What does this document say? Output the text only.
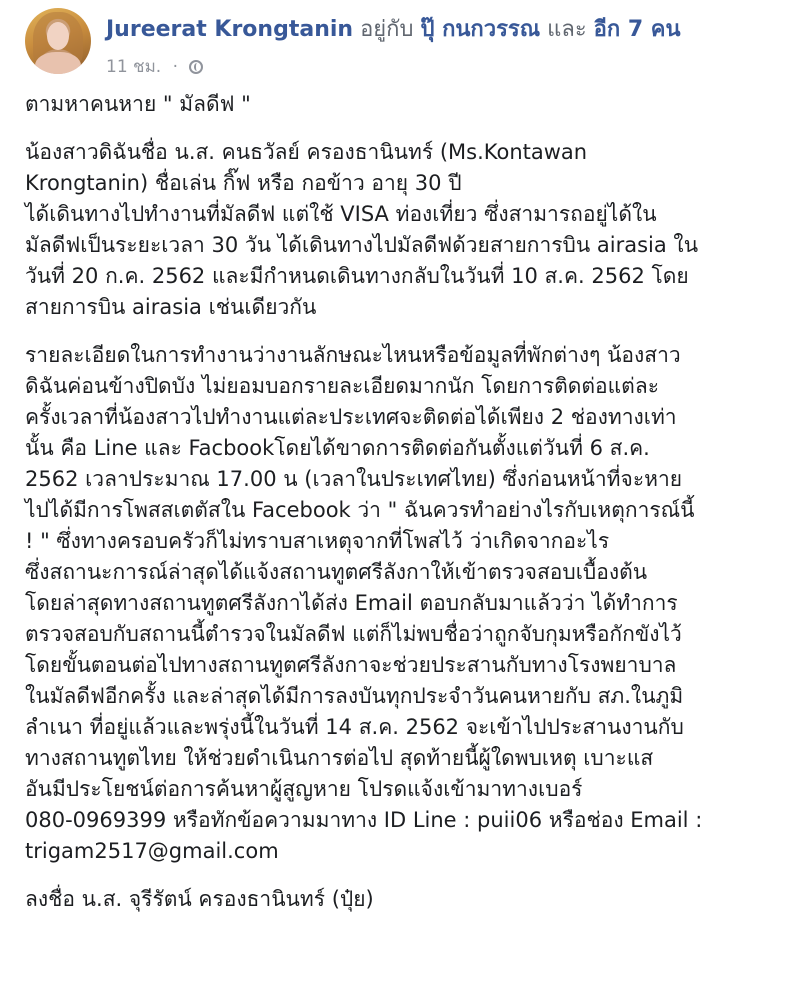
Jureerat Krongtanin อยู่กับ ปุ๊ กนกวรรณ และ อีก 7 คน
11 ชม. ·

ตามหาคนหาย " มัลดีฟ "

น้องสาวดิฉันชื่อ น.ส. คนธวัลย์ ครองธานินทร์ (Ms.Kontawan
Krongtanin) ชื่อเล่น กิ๊ฟ หรือ กอข้าว อายุ 30 ปี
ได้เดินทางไปทำงานที่มัลดีฟ แต่ใช้ VISA ท่องเที่ยว ซึ่งสามารถอยู่ได้ใน
มัลดีฟเป็นระยะเวลา 30 วัน ได้เดินทางไปมัลดีฟด้วยสายการบิน airasia ใน
วันที่ 20 ก.ค. 2562 และมีกำหนดเดินทางกลับในวันที่ 10 ส.ค. 2562 โดย
สายการบิน airasia เช่นเดียวกัน

รายละเอียดในการทำงานว่างานลักษณะไหนหรือข้อมูลที่พักต่างๆ น้องสาว
ดิฉันค่อนข้างปิดบัง ไม่ยอมบอกรายละเอียดมากนัก โดยการติดต่อแต่ละ
ครั้งเวลาที่น้องสาวไปทำงานแต่ละประเทศจะติดต่อได้เพียง 2 ช่องทางเท่า
นั้น คือ Line และ Facbookโดยได้ขาดการติดต่อกันตั้งแต่วันที่ 6 ส.ค.
2562 เวลาประมาณ 17.00 น (เวลาในประเทศไทย) ซึ่งก่อนหน้าที่จะหาย
ไปได้มีการโพสสเตตัสใน Facebook ว่า " ฉันควรทำอย่างไรกับเหตุการณ์นี้
! " ซึ่งทางครอบครัวก็ไม่ทราบสาเหตุจากที่โพสไว้ ว่าเกิดจากอะไร
ซึ่งสถานะการณ์ล่าสุดได้แจ้งสถานทูตศรีลังกาให้เข้าตรวจสอบเบื้องต้น
โดยล่าสุดทางสถานทูตศรีลังกาได้ส่ง Email ตอบกลับมาแล้วว่า ได้ทำการ
ตรวจสอบกับสถานนี้ตำรวจในมัลดีฟ แต่ก็ไม่พบชื่อว่าถูกจับกุมหรือกักขังไว้
โดยขั้นตอนต่อไปทางสถานทูตศรีลังกาจะช่วยประสานกับทางโรงพยาบาล
ในมัลดีฟอีกครั้ง และล่าสุดได้มีการลงบันทุกประจำวันคนหายกับ สภ.ในภูมิ
ลำเนา ที่อยู่แล้วและพรุ่งนี้ในวันที่ 14 ส.ค. 2562 จะเข้าไปประสานงานกับ
ทางสถานทูตไทย ให้ช่วยดำเนินการต่อไป สุดท้ายนี้ผู้ใดพบเหตุ เบาะแส
อันมีประโยชน์ต่อการค้นหาผู้สูญหาย โปรดแจ้งเข้ามาทางเบอร์
080-0969399 หรือทักข้อความมาทาง ID Line : puii06 หรือช่อง Email :
trigam2517@gmail.com

ลงชื่อ น.ส. จุรีรัตน์ ครองธานินทร์ (ปุ๋ย)
